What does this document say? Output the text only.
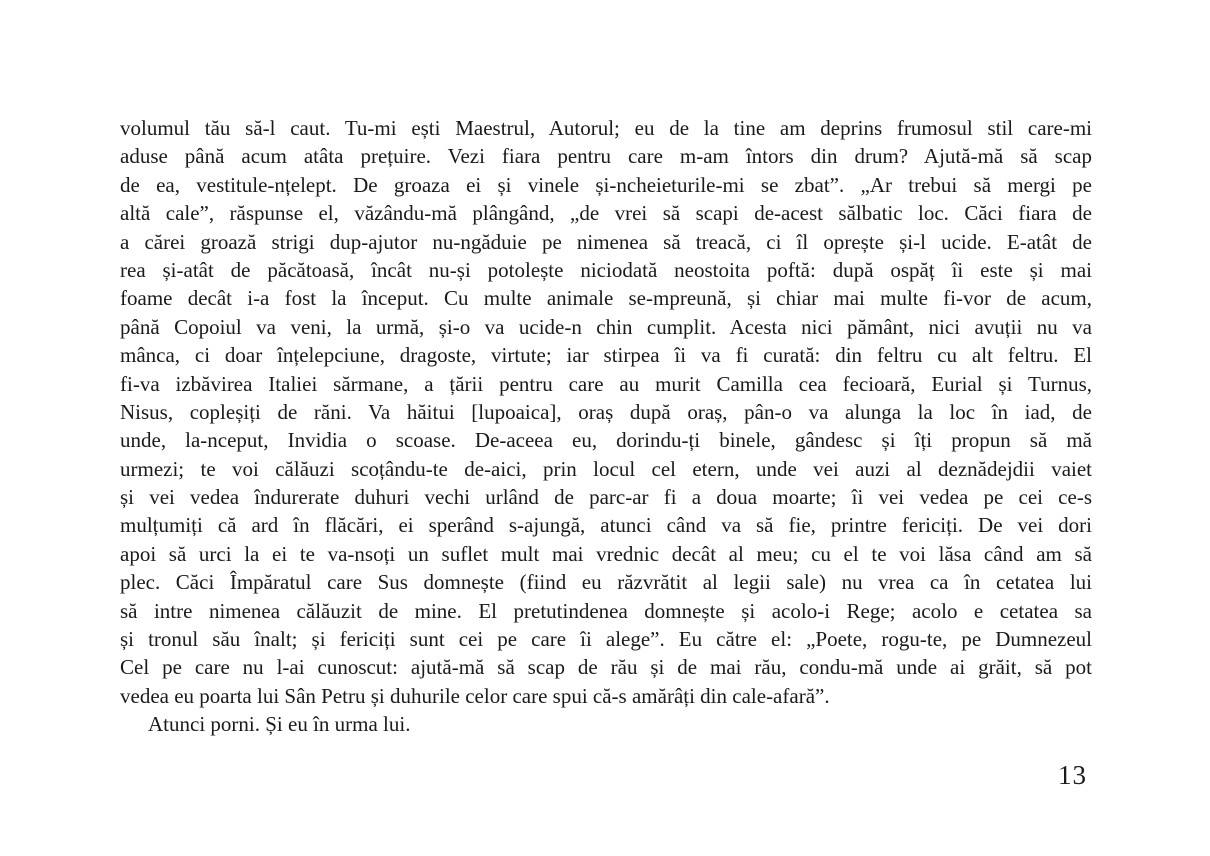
volumul tău să-l caut. Tu-mi ești Maestrul, Autorul; eu de la tine am deprins frumosul stil care-mi
aduse până acum atâta prețuire. Vezi fiara pentru care m-am întors din drum? Ajută-mă să scap
de ea, vestitule-nțelept. De groaza ei și vinele și-ncheieturile-mi se zbat”. „Ar trebui să mergi pe
altă cale”, răspunse el, văzându-mă plângând, „de vrei să scapi de-acest sălbatic loc. Căci fiara de
a cărei groază strigi dup-ajutor nu-ngăduie pe nimenea să treacă, ci îl oprește și-l ucide. E-atât de
rea și-atât de păcătoasă, încât nu-și potolește niciodată neostoita poftă: după ospăț îi este și mai
foame decât i-a fost la început. Cu multe animale se-mpreună, și chiar mai multe fi-vor de acum,
până Copoiul va veni, la urmă, și-o va ucide-n chin cumplit. Acesta nici pământ, nici avuții nu va
mânca, ci doar înțelepciune, dragoste, virtute; iar stirpea îi va fi curată: din feltru cu alt feltru. El
fi-va izbăvirea Italiei sărmane, a țării pentru care au murit Camilla cea fecioară, Eurial și Turnus,
Nisus, copleșiți de răni. Va hăitui [lupoaica], oraș după oraș, pân-o va alunga la loc în iad, de
unde, la-nceput, Invidia o scoase. De-aceea eu, dorindu-ți binele, gândesc și îți propun să mă
urmezi; te voi călăuzi scoțându-te de-aici, prin locul cel etern, unde vei auzi al deznădejdii vaiet
și vei vedea îndurerate duhuri vechi urlând de parc-ar fi a doua moarte; îi vei vedea pe cei ce-s
mulțumiți că ard în flăcări, ei sperând s-ajungă, atunci când va să fie, printre fericiți. De vei dori
apoi să urci la ei te va-nsoți un suflet mult mai vrednic decât al meu; cu el te voi lăsa când am să
plec. Căci Împăratul care Sus domnește (fiind eu răzvrătit al legii sale) nu vrea ca în cetatea lui
să intre nimenea călăuzit de mine. El pretutindenea domnește și acolo-i Rege; acolo e cetatea sa
și tronul său înalt; și fericiți sunt cei pe care îi alege”. Eu către el: „Poete, rogu-te, pe Dumnezeul
Cel pe care nu l-ai cunoscut: ajută-mă să scap de rău și de mai rău, condu-mă unde ai grăit, să pot
vedea eu poarta lui Sân Petru și duhurile celor care spui că-s amărâți din cale-afară”.
Atunci porni. Și eu în urma lui.
13
